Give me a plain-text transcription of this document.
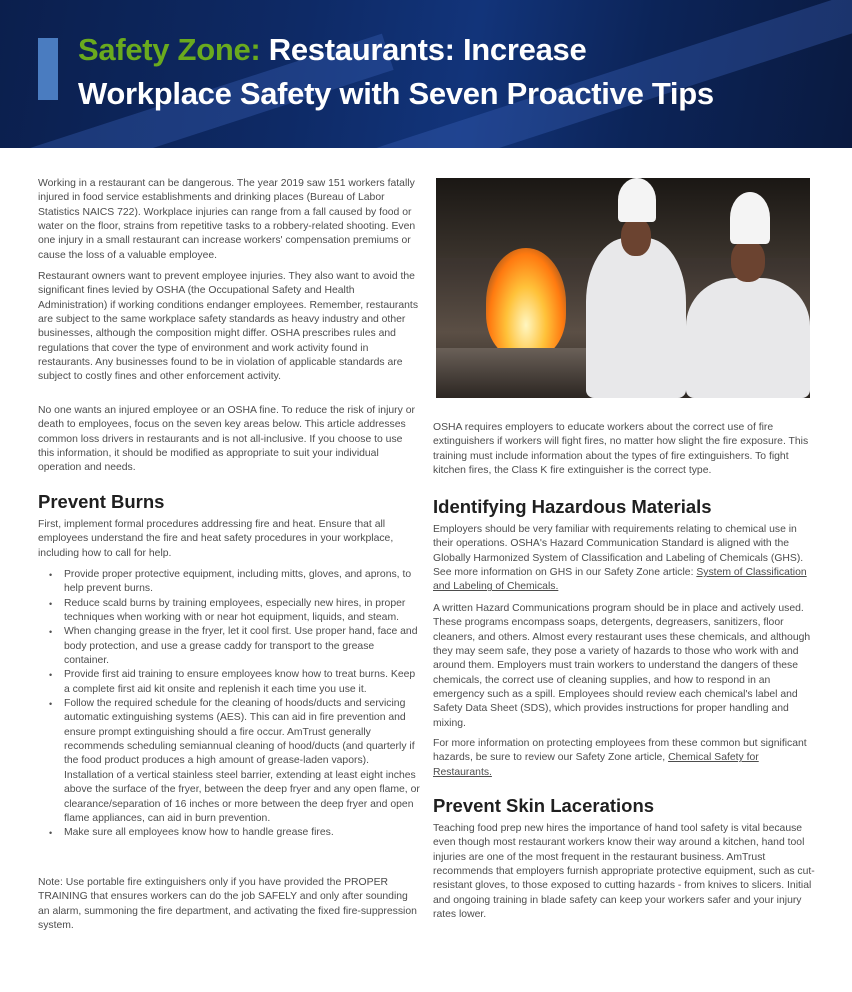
Safety Zone: Restaurants: Increase
Workplace Safety with Seven Proactive Tips

Working in a restaurant can be dangerous. The year 2019 saw 151 workers fatally injured in food service establishments and drinking places (Bureau of Labor Statistics NAICS 722). Workplace injuries can range from a fall caused by food or water on the floor, strains from repetitive tasks to a robbery-related shooting. Even one injury in a small restaurant can increase workers' compensation premiums or cause the loss of a valuable employee.

Restaurant owners want to prevent employee injuries. They also want to avoid the significant fines levied by OSHA (the Occupational Safety and Health Administration) if working conditions endanger employees. Remember, restaurants are subject to the same workplace safety standards as heavy industry and other businesses, although the composition might differ. OSHA prescribes rules and regulations that cover the type of environment and work activity found in restaurants. Any businesses found to be in violation of applicable standards are subject to costly fines and other enforcement activity.

No one wants an injured employee or an OSHA fine. To reduce the risk of injury or death to employees, focus on the seven key areas below. This article addresses common loss drivers in restaurants and is not all-inclusive. If you choose to use this information, it should be modified as appropriate to suit your individual operation and needs.

Prevent Burns

First, implement formal procedures addressing fire and heat. Ensure that all employees understand the fire and heat safety procedures in your workplace, including how to call for help.

• Provide proper protective equipment, including mitts, gloves, and aprons, to help prevent burns.
• Reduce scald burns by training employees, especially new hires, in proper techniques when working with or near hot equipment, liquids, and steam.
• When changing grease in the fryer, let it cool first. Use proper hand, face and body protection, and use a grease caddy for transport to the grease container.
• Provide first aid training to ensure employees know how to treat burns. Keep a complete first aid kit onsite and replenish it each time you use it.
• Follow the required schedule for the cleaning of hoods/ducts and servicing automatic extinguishing systems (AES). This can aid in fire prevention and ensure prompt extinguishing should a fire occur. AmTrust generally recommends scheduling semiannual cleaning of hood/ducts (and quarterly if the food product produces a high amount of grease-laden vapors). Installation of a vertical stainless steel barrier, extending at least eight inches above the surface of the fryer, between the deep fryer and any open flame, or clearance/separation of 16 inches or more between the deep fryer and open flame appliances, can aid in burn prevention.
• Make sure all employees know how to handle grease fires.

Note: Use portable fire extinguishers only if you have provided the PROPER TRAINING that ensures workers can do the job SAFELY and only after sounding an alarm, summoning the fire department, and activating the fixed fire-suppression system.

OSHA requires employers to educate workers about the correct use of fire extinguishers if workers will fight fires, no matter how slight the fire exposure. This training must include information about the types of fire extinguishers. To fight kitchen fires, the Class K fire extinguisher is the correct type.

Identifying Hazardous Materials

Employers should be very familiar with requirements relating to chemical use in their operations. OSHA's Hazard Communication Standard is aligned with the Globally Harmonized System of Classification and Labeling of Chemicals (GHS). See more information on GHS in our Safety Zone article: System of Classification and Labeling of Chemicals.

A written Hazard Communications program should be in place and actively used. These programs encompass soaps, detergents, degreasers, sanitizers, floor cleaners, and others. Almost every restaurant uses these chemicals, and although they may seem safe, they pose a variety of hazards to those who work with and around them. Employers must train workers to understand the dangers of these chemicals, the correct use of cleaning supplies, and how to respond in an emergency such as a spill. Employees should review each chemical's label and Safety Data Sheet (SDS), which provides instructions for proper handling and mixing.

For more information on protecting employees from these common but significant hazards, be sure to review our Safety Zone article, Chemical Safety for Restaurants.

Prevent Skin Lacerations

Teaching food prep new hires the importance of hand tool safety is vital because even though most restaurant workers know their way around a kitchen, hand tool injuries are one of the most frequent in the restaurant business. AmTrust recommends that employers furnish appropriate protective equipment, such as cut-resistant gloves, to those exposed to cutting hazards - from knives to slicers. Initial and ongoing training in blade safety can keep your workers safer and your injury rates lower.
